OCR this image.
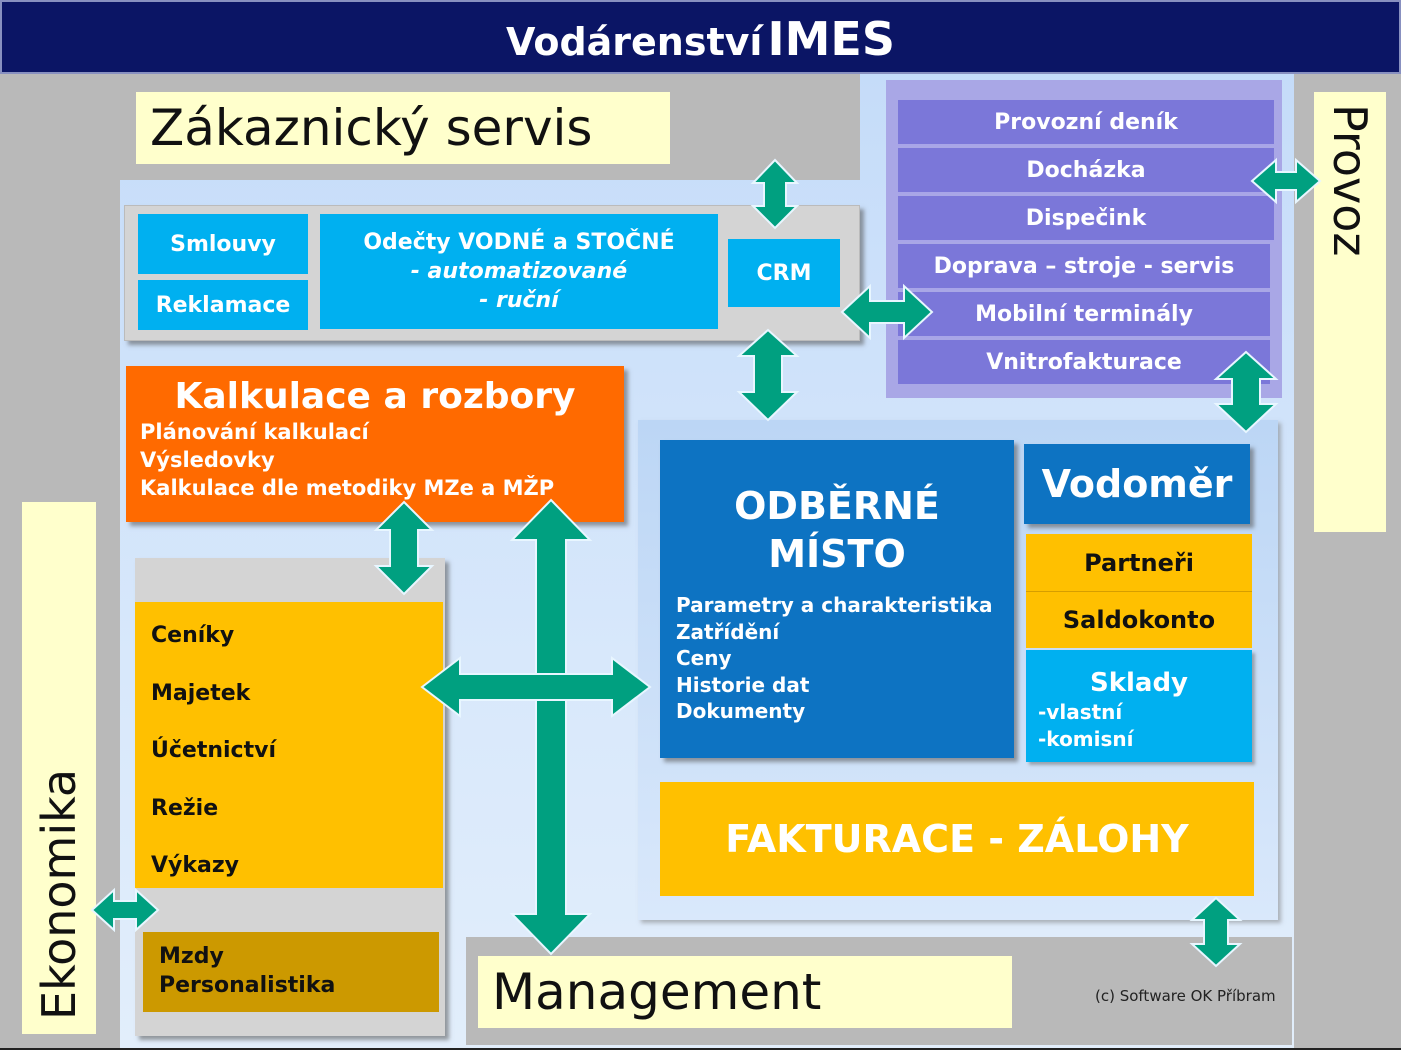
Vodárenství IMES
Zákaznický servis	Provoz
Ekonomika	Management	(c) Software OK Příbram
Smlouvy
Reklamace
Odečty VODNÉ a STOČNÉ
- automatizované
- ruční
CRM
Provozní deník
Docházka
Dispečink
Doprava – stroje - servis
Mobilní terminály
Vnitrofakturace
Kalkulace a rozbory
Plánování kalkulací
Výsledovky
Kalkulace dle metodiky MZe a MŽP
Ceníky
Majetek
Účetnictví
Režie
Výkazy
Mzdy
Personalistika
ODBĚRNÉ
MÍSTO
Parametry a charakteristika
Zatřídění
Ceny
Historie dat
Dokumenty
Vodoměr
Partneři
Saldokonto
Sklady
-vlastní
-komisní
FAKTURACE - ZÁLOHY
